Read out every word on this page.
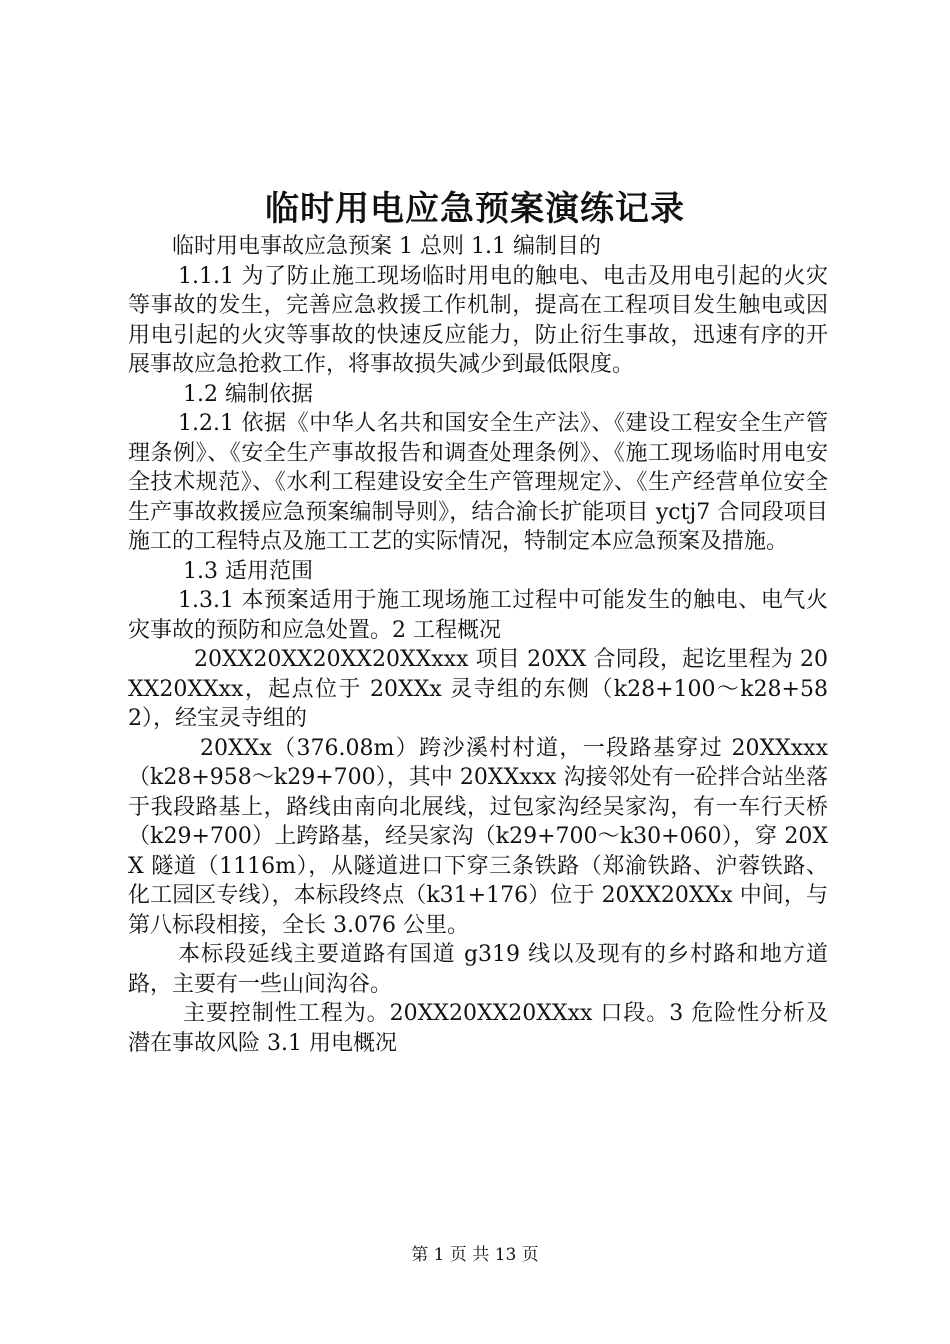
临时用电应急预案演练记录

临时用电事故应急预案 1 总则 1.1 编制目的

1.1.1 为了防止施工现场临时用电的触电、电击及用电引起的火灾等事故的发生，完善应急救援工作机制，提高在工程项目发生触电或因用电引起的火灾等事故的快速反应能力，防止衍生事故，迅速有序的开展事故应急抢救工作，将事故损失减少到最低限度。

1.2 编制依据

1.2.1 依据《中华人名共和国安全生产法》、《建设工程安全生产管理条例》、《安全生产事故报告和调查处理条例》、《施工现场临时用电安全技术规范》、《水利工程建设安全生产管理规定》、《生产经营单位安全生产事故救援应急预案编制导则》，结合渝长扩能项目 yctj7 合同段项目施工的工程特点及施工工艺的实际情况，特制定本应急预案及措施。

1.3 适用范围

1.3.1 本预案适用于施工现场施工过程中可能发生的触电、电气火灾事故的预防和应急处置。2 工程概况

20XX20XX20XX20XXxxx 项目 20XX 合同段，起讫里程为 20XX20XXxx，起点位于 20XXx 灵寺组的东侧（k28+100～k28+582），经宝灵寺组的

20XXx（376.08m）跨沙溪村村道，一段路基穿过 20XXxxx（k28+958～k29+700），其中 20XXxxx 沟接邻处有一砼拌合站坐落于我段路基上，路线由南向北展线，过包家沟经吴家沟，有一车行天桥（k29+700）上跨路基，经吴家沟（k29+700～k30+060），穿 20XX 隧道（1116m），从隧道进口下穿三条铁路（郑渝铁路、沪蓉铁路、化工园区专线），本标段终点（k31+176）位于 20XX20XXx 中间，与第八标段相接，全长 3.076 公里。

本标段延线主要道路有国道 g319 线以及现有的乡村路和地方道路，主要有一些山间沟谷。

主要控制性工程为。20XX20XX20XXxx 口段。3 危险性分析及潜在事故风险 3.1 用电概况

第 1 页 共 13 页
